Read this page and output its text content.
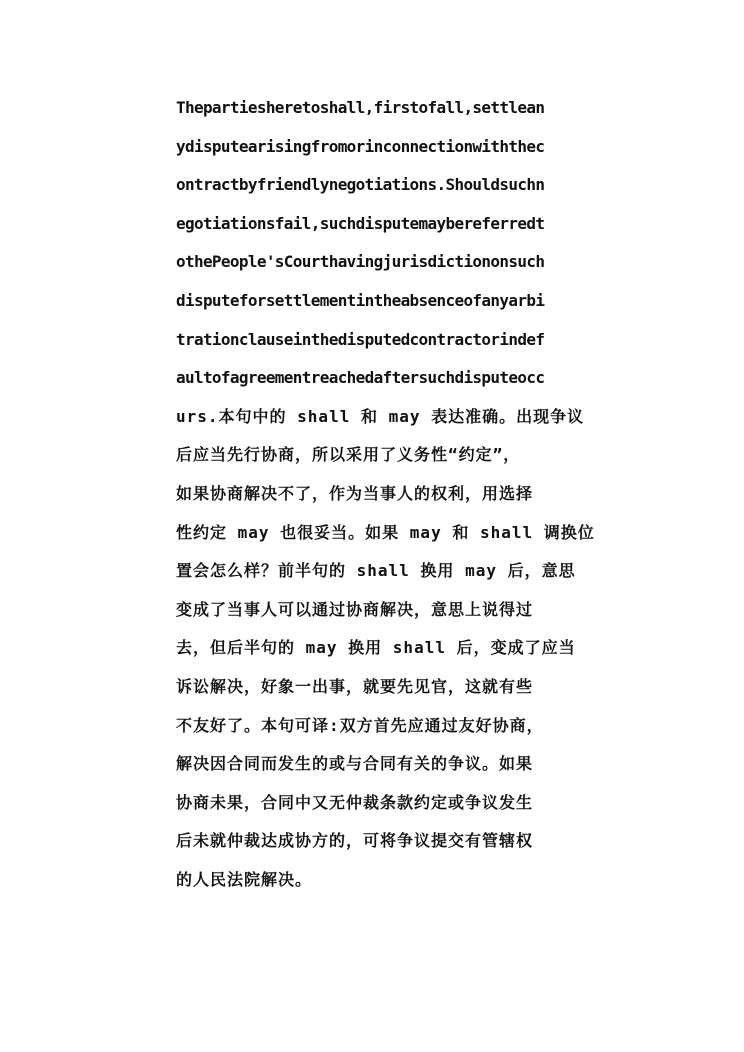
Thepartiesheretoshall,firstofall,settlean
ydisputearisingfromorinconnectionwiththec
ontractbyfriendlynegotiations.Shouldsuchn
egotiationsfail,suchdisputemaybereferredt
othePeople'sCourthavingjurisdictiononsuch
disputeforsettlementintheabsenceofanyarbi
trationclauseinthedisputedcontractorindef
aultofagreementreachedaftersuchdisputeocc
urs.本句中的 shall 和 may 表达准确。出现争议
后应当先行协商，所以采用了义务性“约定”，
如果协商解决不了，作为当事人的权利，用选择
性约定 may 也很妥当。如果 may 和 shall 调换位
置会怎么样？前半句的 shall 换用 may 后，意思
变成了当事人可以通过协商解决，意思上说得过
去，但后半句的 may 换用 shall 后，变成了应当
诉讼解决，好象一出事，就要先见官，这就有些
不友好了。本句可译:双方首先应通过友好协商，
解决因合同而发生的或与合同有关的争议。如果
协商未果，合同中又无仲裁条款约定或争议发生
后未就仲裁达成协方的，可将争议提交有管辖权
的人民法院解决。
